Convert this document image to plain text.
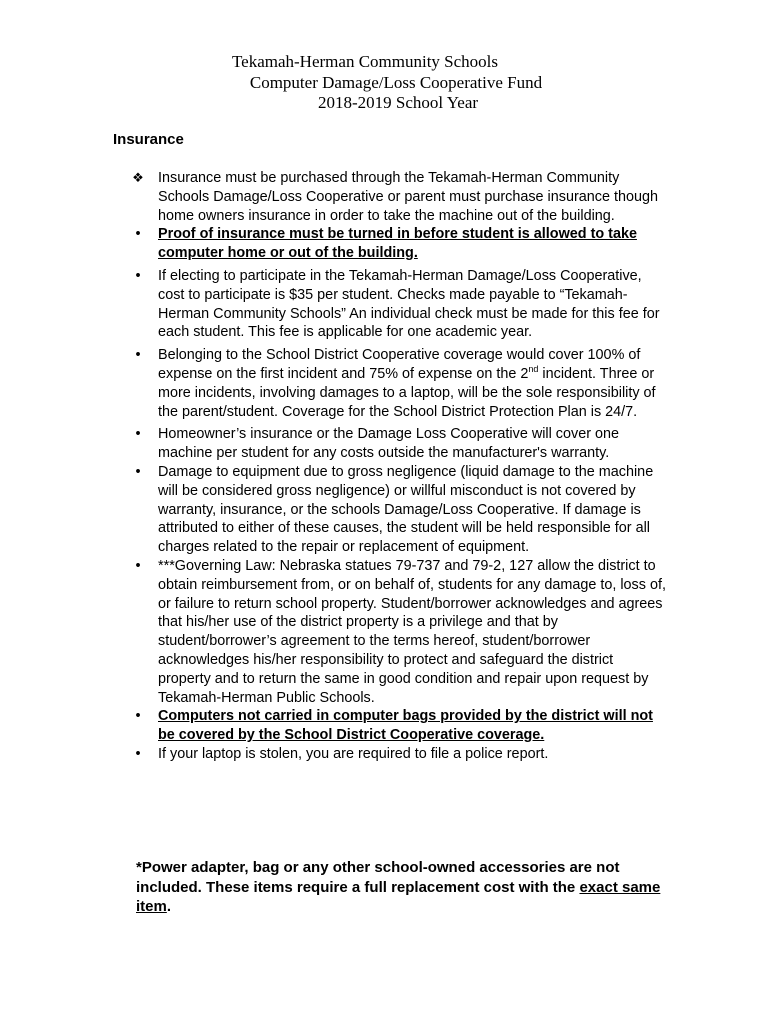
Tekamah-Herman Community Schools
Computer Damage/Loss Cooperative Fund
2018-2019 School Year
Insurance
❖ Insurance must be purchased through the Tekamah-Herman Community Schools Damage/Loss Cooperative or parent must purchase insurance though home owners insurance in order to take the machine out of the building.
•	Proof of insurance must be turned in before student is allowed to take computer home or out of the building.
•	If electing to participate in the Tekamah-Herman Damage/Loss Cooperative, cost to participate is $35 per student. Checks made payable to “Tekamah-Herman Community Schools” An individual check must be made for this fee for each student. This fee is applicable for one academic year.
•	Belonging to the School District Cooperative coverage would cover 100% of expense on the first incident and 75% of expense on the 2nd incident. Three or more incidents, involving damages to a laptop, will be the sole responsibility of the parent/student. Coverage for the School District Protection Plan is 24/7.
•	Homeowner’s insurance or the Damage Loss Cooperative will cover one machine per student for any costs outside the manufacturer's warranty.
•	Damage to equipment due to gross negligence (liquid damage to the machine will be considered gross negligence) or willful misconduct is not covered by warranty, insurance, or the schools Damage/Loss Cooperative. If damage is attributed to either of these causes, the student will be held responsible for all charges related to the repair or replacement of equipment.
•	***Governing Law: Nebraska statues 79-737 and 79-2, 127 allow the district to obtain reimbursement from, or on behalf of, students for any damage to, loss of, or failure to return school property. Student/borrower acknowledges and agrees that his/her use of the district property is a privilege and that by student/borrower’s agreement to the terms hereof, student/borrower acknowledges his/her responsibility to protect and safeguard the district property and to return the same in good condition and repair upon request by Tekamah-Herman Public Schools.
•	Computers not carried in computer bags provided by the district will not be covered by the School District Cooperative coverage.
•	If your laptop is stolen, you are required to file a police report.
*Power adapter, bag or any other school-owned accessories are not included. These items require a full replacement cost with the exact same item.
